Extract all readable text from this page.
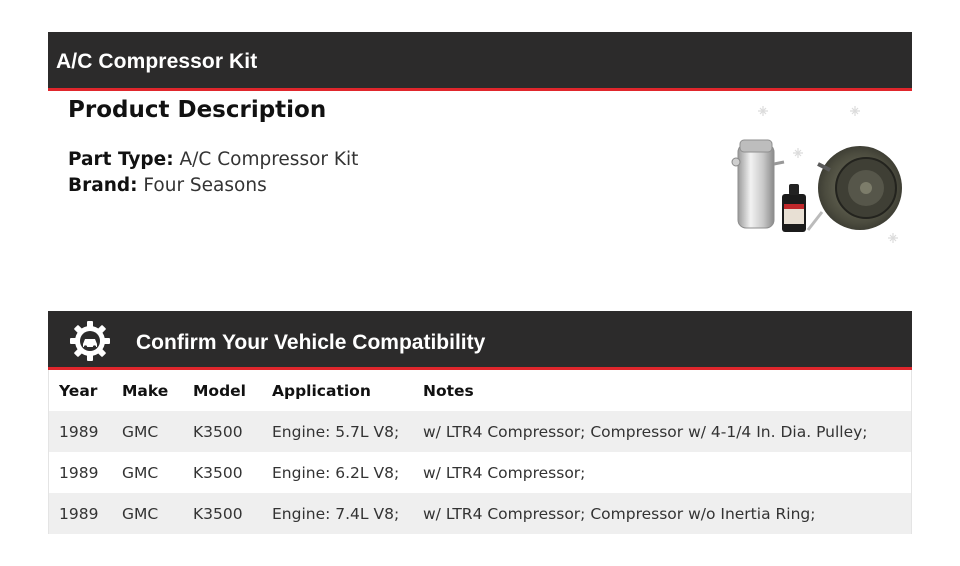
A/C Compressor Kit
Product Description
Part Type: A/C Compressor Kit
Brand: Four Seasons
Confirm Your Vehicle Compatibility
Year Make Model Application	Notes
1989 GMC K3500 Engine: 5.7L V8; w/ LTR4 Compressor; Compressor w/ 4-1/4 In. Dia. Pulley;
1989 GMC K3500 Engine: 6.2L V8; w/ LTR4 Compressor;
1989 GMC K3500 Engine: 7.4L V8; w/ LTR4 Compressor; Compressor w/o Inertia Ring;
